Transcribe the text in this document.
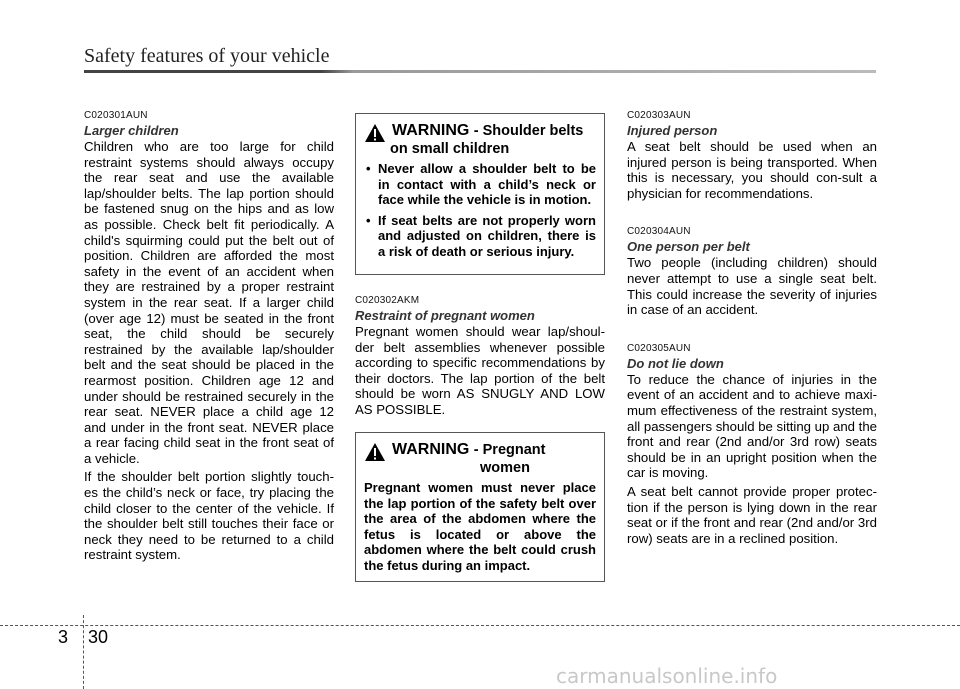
Safety features of your vehicle

C020301AUN

Larger children

Children who are too large for child restraint systems should always occupy the rear seat and use the available lap/shoulder belts. The lap portion should be fastened snug on the hips and as low as possible. Check belt fit periodically. A child's squirming could put the belt out of position. Children are afforded the most safety in the event of an accident when they are restrained by a proper restraint system in the rear seat. If a larger child (over age 12) must be seated in the front seat, the child should be securely restrained by the available lap/shoulder belt and the seat should be placed in the rearmost position. Children age 12 and under should be restrained securely in the rear seat. NEVER place a child age 12 and under in the front seat. NEVER place a rear facing child seat in the front seat of a vehicle.

If the shoulder belt portion slightly touch-es the child’s neck or face, try placing the child closer to the center of the vehicle. If the shoulder belt still touches their face or neck they need to be returned to a child restraint system.

WARNING - Shoulder belts
on small children
• Never allow a shoulder belt to be in contact with a child’s neck or face while the vehicle is in motion.
• If seat belts are not properly worn and adjusted on children, there is a risk of death or serious injury.

C020302AKM

Restraint of pregnant women

Pregnant women should wear lap/shoul-der belt assemblies whenever possible according to specific recommendations by their doctors. The lap portion of the belt should be worn AS SNUGLY AND LOW AS POSSIBLE.

WARNING - Pregnant
women

Pregnant women must never place the lap portion of the safety belt over the area of the abdomen where the fetus is located or above the abdomen where the belt could crush the fetus during an impact.

C020303AUN

Injured person

A seat belt should be used when an injured person is being transported. When this is necessary, you should con-sult a physician for recommendations.

C020304AUN

One person per belt

Two people (including children) should never attempt to use a single seat belt. This could increase the severity of injuries in case of an accident.

C020305AUN

Do not lie down

To reduce the chance of injuries in the event of an accident and to achieve maxi-mum effectiveness of the restraint system, all passengers should be sitting up and the front and rear (2nd and/or 3rd row) seats should be in an upright position when the car is moving.

A seat belt cannot provide proper protec-tion if the person is lying down in the rear seat or if the front and rear (2nd and/or 3rd row) seats are in a reclined position.

3 30
carmanualsonline.info
